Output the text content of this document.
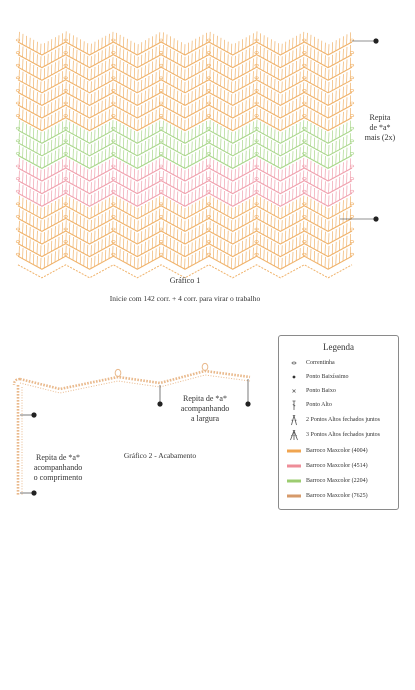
Repita
de *a*
mais (2x)
Gráfico 1
Inicie com 142 corr. + 4 corr. para virar o trabalho
Repita de *a*
acompanhando
a largura
Repita de *a*
acompanhando
o comprimento
Gráfico 2 - Acabamento
Legenda
Correntinha
Ponto Baixíssimo
Ponto Baixo
Ponto Alto
2 Pontos Altos fechados juntos
3 Pontos Altos fechados juntos
Barroco Maxcolor (4004)
Barroco Maxcolor (4514)
Barroco Maxcolor (2204)
Barroco Maxcolor (7625)
